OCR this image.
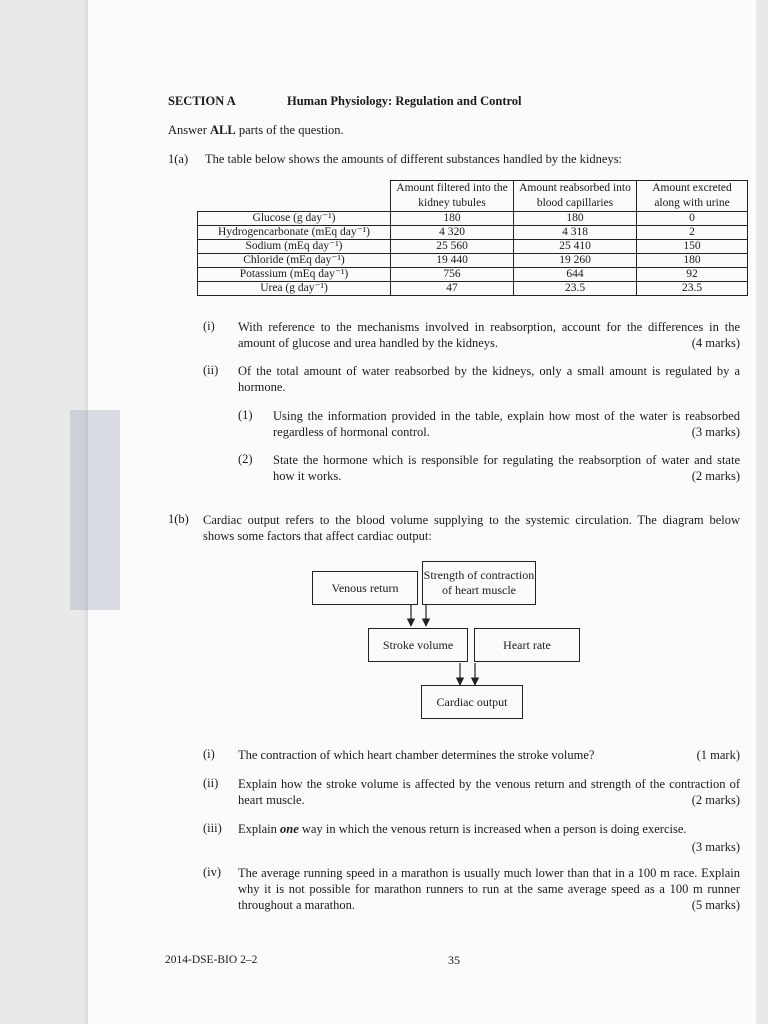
SECTION A	Human Physiology: Regulation and Control
Answer ALL parts of the question.
1(a) The table below shows the amounts of different substances handled by the kidneys:
	Amount filtered into the kidney tubules	Amount reabsorbed into blood capillaries	Amount excreted along with urine
Glucose (g day⁻¹)	180	180	0
Hydrogencarbonate (mEq day⁻¹)	4 320	4 318	2
Sodium (mEq day⁻¹)	25 560	25 410	150
Chloride (mEq day⁻¹)	19 440	19 260	180
Potassium (mEq day⁻¹)	756	644	92
Urea (g day⁻¹)	47	23.5	23.5
(i) With reference to the mechanisms involved in reabsorption, account for the differences in the
amount of glucose and urea handled by the kidneys.	(4 marks)
(ii) Of the total amount of water reabsorbed by the kidneys, only a small amount is regulated by a
hormone.
(1) Using the information provided in the table, explain how most of the water is reabsorbed
regardless of hormonal control.	(3 marks)
(2) State the hormone which is responsible for regulating the reabsorption of water and state
how it works.	(2 marks)
1(b) Cardiac output refers to the blood volume supplying to the systemic circulation. The diagram below
shows some factors that affect cardiac output:
Venous return
Strength of contraction of heart muscle
Stroke volume	Heart rate
Cardiac output
(i) The contraction of which heart chamber determines the stroke volume?	(1 mark)
(ii) Explain how the stroke volume is affected by the venous return and strength of the contraction of
heart muscle.	(2 marks)
(iii) Explain one way in which the venous return is increased when a person is doing exercise.
(3 marks)
(iv) The average running speed in a marathon is usually much lower than that in a 100 m race. Explain
why it is not possible for marathon runners to run at the same average speed as a 100 m runner
throughout a marathon.	(5 marks)
2014-DSE-BIO 2–2	35
